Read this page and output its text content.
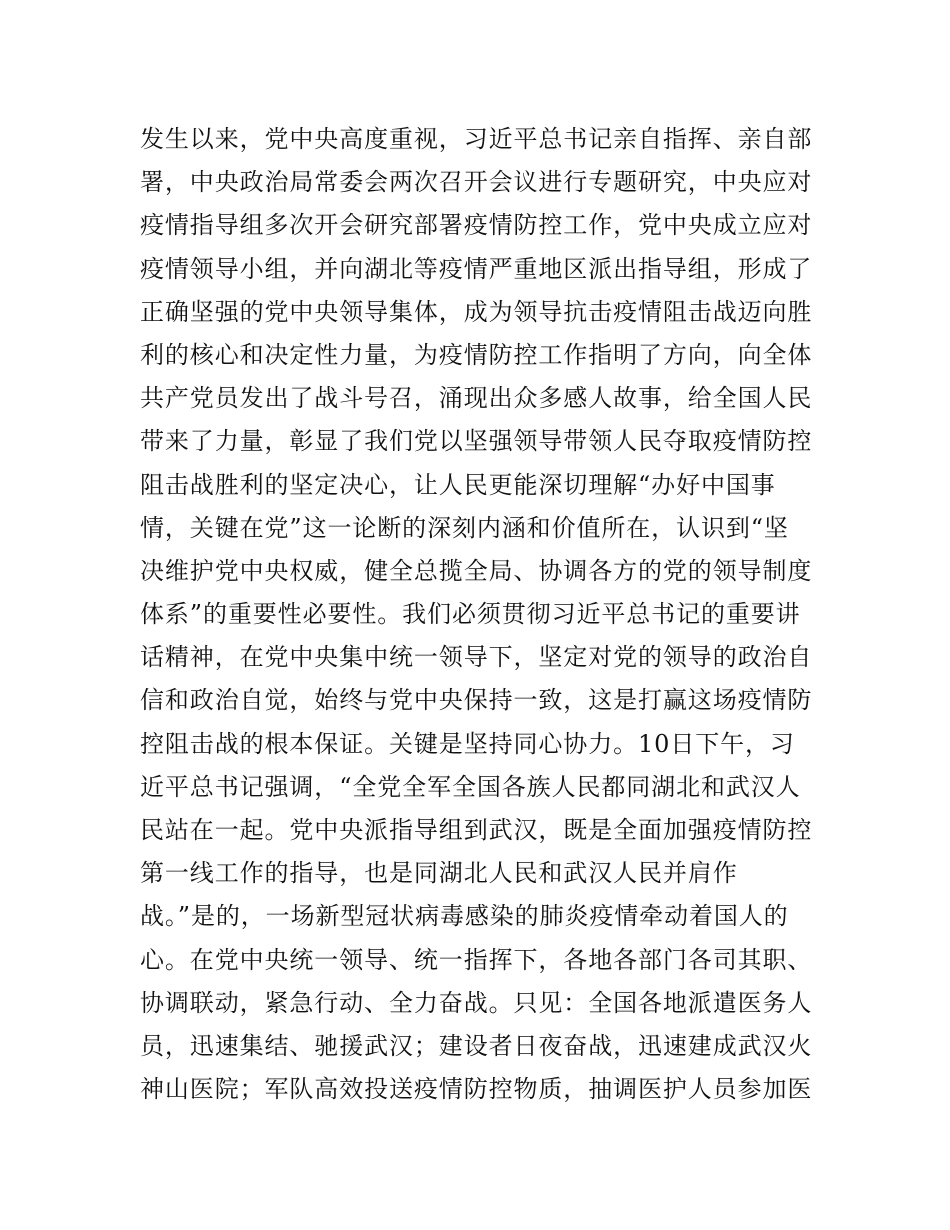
发生以来，党中央高度重视，习近平总书记亲自指挥、亲自部
署，中央政治局常委会两次召开会议进行专题研究，中央应对
疫情指导组多次开会研究部署疫情防控工作，党中央成立应对
疫情领导小组，并向湖北等疫情严重地区派出指导组，形成了
正确坚强的党中央领导集体，成为领导抗击疫情阻击战迈向胜
利的核心和决定性力量，为疫情防控工作指明了方向，向全体
共产党员发出了战斗号召，涌现出众多感人故事，给全国人民
带来了力量，彰显了我们党以坚强领导带领人民夺取疫情防控
阻击战胜利的坚定决心，让人民更能深切理解“办好中国事
情，关键在党”这一论断的深刻内涵和价值所在，认识到“坚
决维护党中央权威，健全总揽全局、协调各方的党的领导制度
体系”的重要性必要性。我们必须贯彻习近平总书记的重要讲
话精神，在党中央集中统一领导下，坚定对党的领导的政治自
信和政治自觉，始终与党中央保持一致，这是打赢这场疫情防
控阻击战的根本保证。关键是坚持同心协力。10日下午，习
近平总书记强调，“全党全军全国各族人民都同湖北和武汉人
民站在一起。党中央派指导组到武汉，既是全面加强疫情防控
第一线工作的指导，也是同湖北人民和武汉人民并肩作
战。”是的，一场新型冠状病毒感染的肺炎疫情牵动着国人的
心。在党中央统一领导、统一指挥下，各地各部门各司其职、
协调联动，紧急行动、全力奋战。只见：全国各地派遣医务人
员，迅速集结、驰援武汉；建设者日夜奋战，迅速建成武汉火
神山医院；军队高效投送疫情防控物质，抽调医护人员参加医
